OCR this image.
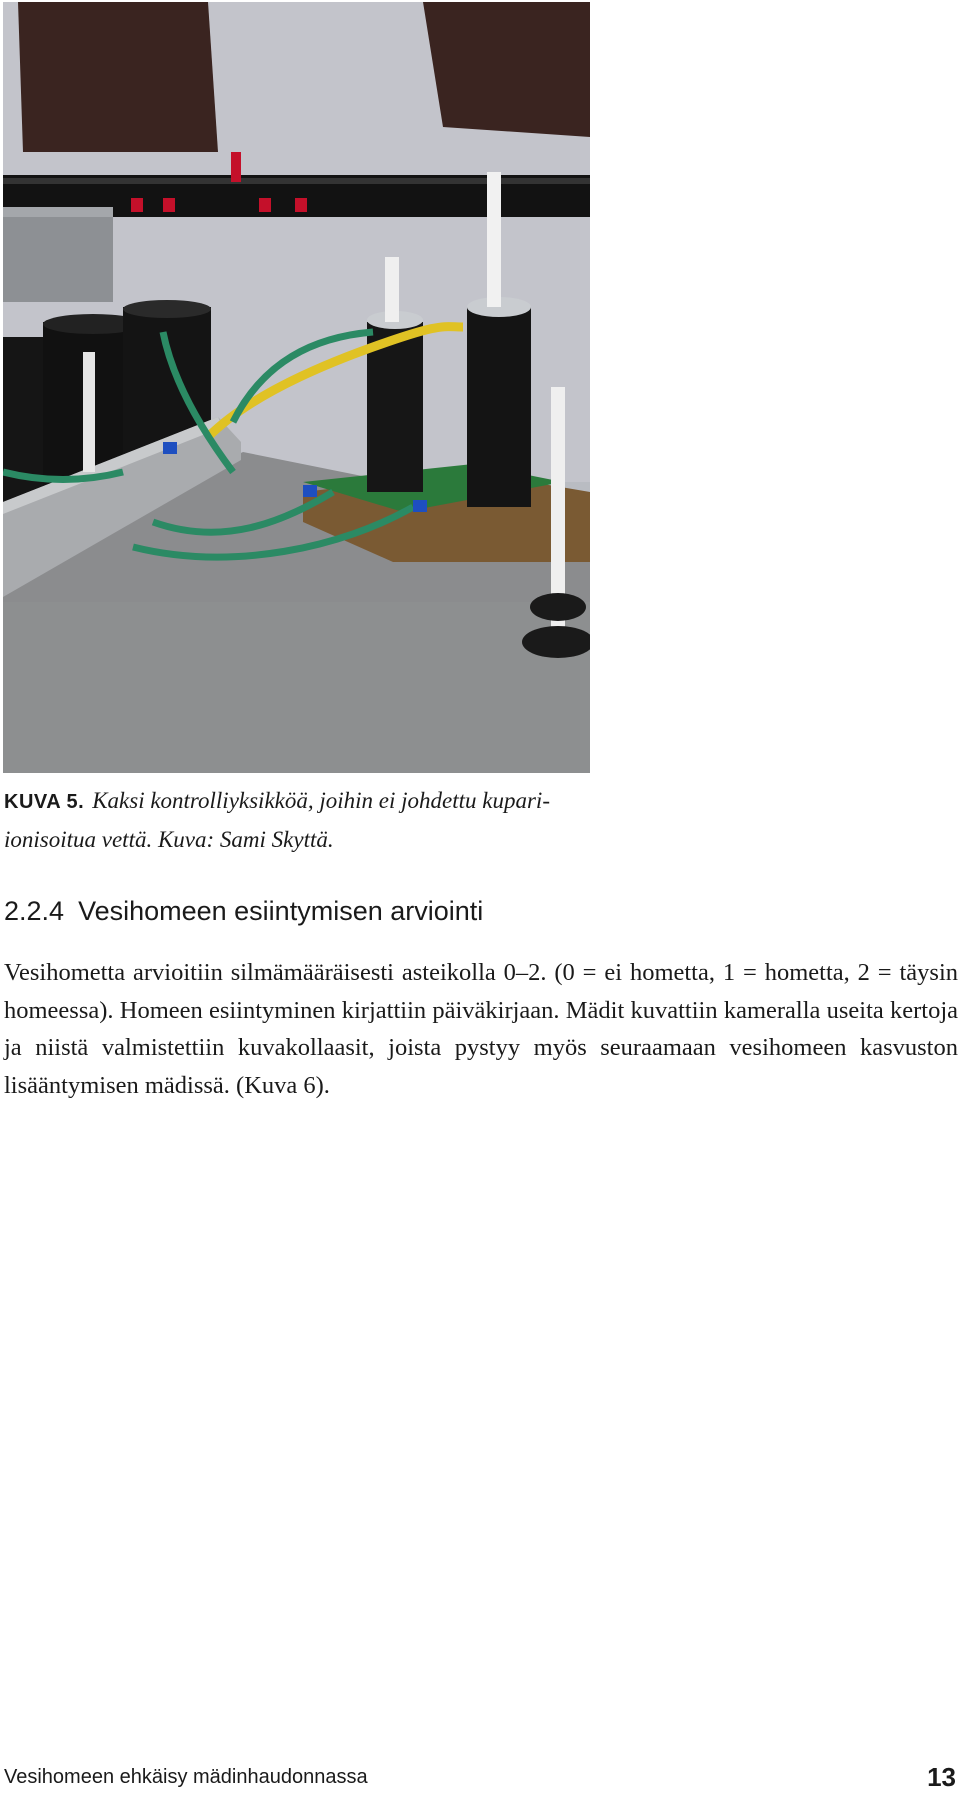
KUVA 5. Kaksi kontrolliyksikköä, joihin ei johdettu kupari-ionisoitua vettä. Kuva: Sami Skyttä.
2.2.4 Vesihomeen esiintymisen arviointi
Vesihometta arvioitiin silmämääräisesti asteikolla 0–2. (0 = ei hometta, 1 = hometta, 2 = täysin homeessa). Homeen esiintyminen kirjattiin päiväkirjaan. Mädit kuvattiin kameralla useita kertoja ja niistä valmistettiin kuvakollaasit, joista pystyy myös seuraamaan vesihomeen kasvuston lisääntymisen mädissä. (Kuva 6).
Vesihomeen ehkäisy mädinhaudonnassa	13
